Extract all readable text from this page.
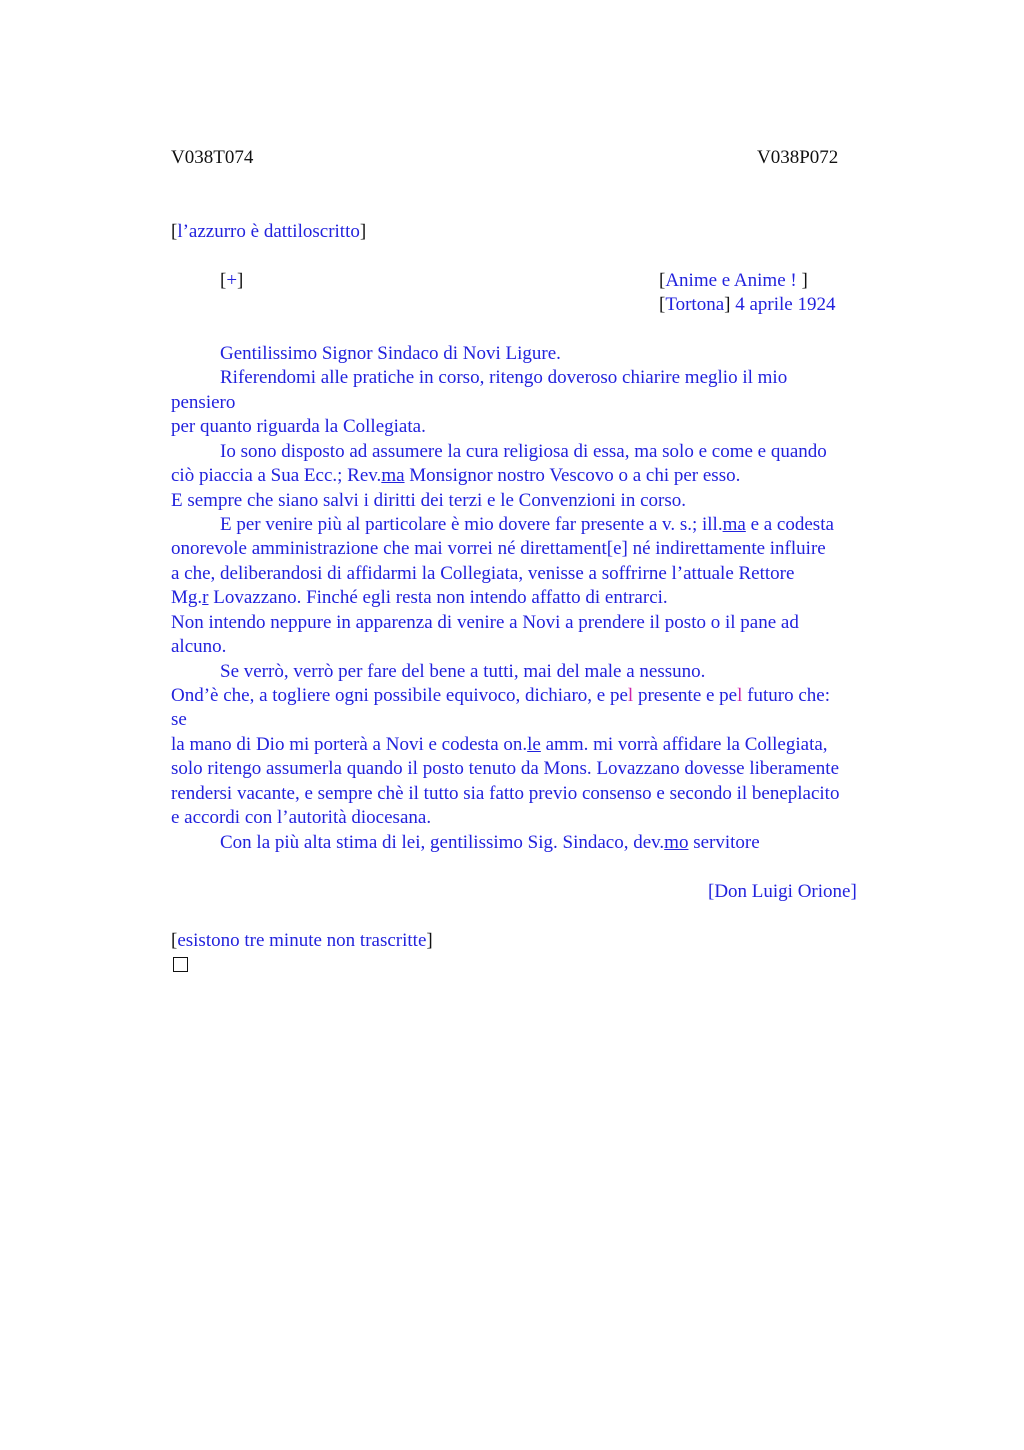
V038T074	V038P072
[l’azzurro è dattiloscritto]
[+]	[Anime e Anime ! ]
[Tortona] 4 aprile 1924
Gentilissimo Signor Sindaco di Novi Ligure.
Riferendomi alle pratiche in corso, ritengo doveroso chiarire meglio il mio
pensiero
per quanto riguarda la Collegiata.
Io sono disposto ad assumere la cura religiosa di essa, ma solo e come e quando
ciò piaccia a Sua Ecc.; Rev.ma Monsignor nostro Vescovo o a chi per esso.
E sempre che siano salvi i diritti dei terzi e le Convenzioni in corso.
E per venire più al particolare è mio dovere far presente a v. s.; ill.ma e a codesta
onorevole amministrazione che mai vorrei né direttament[e] né indirettamente influire
a che, deliberandosi di affidarmi la Collegiata, venisse a soffrirne l’attuale Rettore
Mg.r Lovazzano. Finché egli resta non intendo affatto di entrarci.
Non intendo neppure in apparenza di venire a Novi a prendere il posto o il pane ad
alcuno.
Se verrò, verrò per fare del bene a tutti, mai del male a nessuno.
Ond’è che, a togliere ogni possibile equivoco, dichiaro, e pel presente e pel futuro che:
se
la mano di Dio mi porterà a Novi e codesta on.le amm. mi vorrà affidare la Collegiata,
solo ritengo assumerla quando il posto tenuto da Mons. Lovazzano dovesse liberamente
rendersi vacante, e sempre chè il tutto sia fatto previo consenso e secondo il beneplacito
e accordi con l’autorità diocesana.
Con la più alta stima di lei, gentilissimo Sig. Sindaco, dev.mo servitore
[Don Luigi Orione]
[esistono tre minute non trascritte]
